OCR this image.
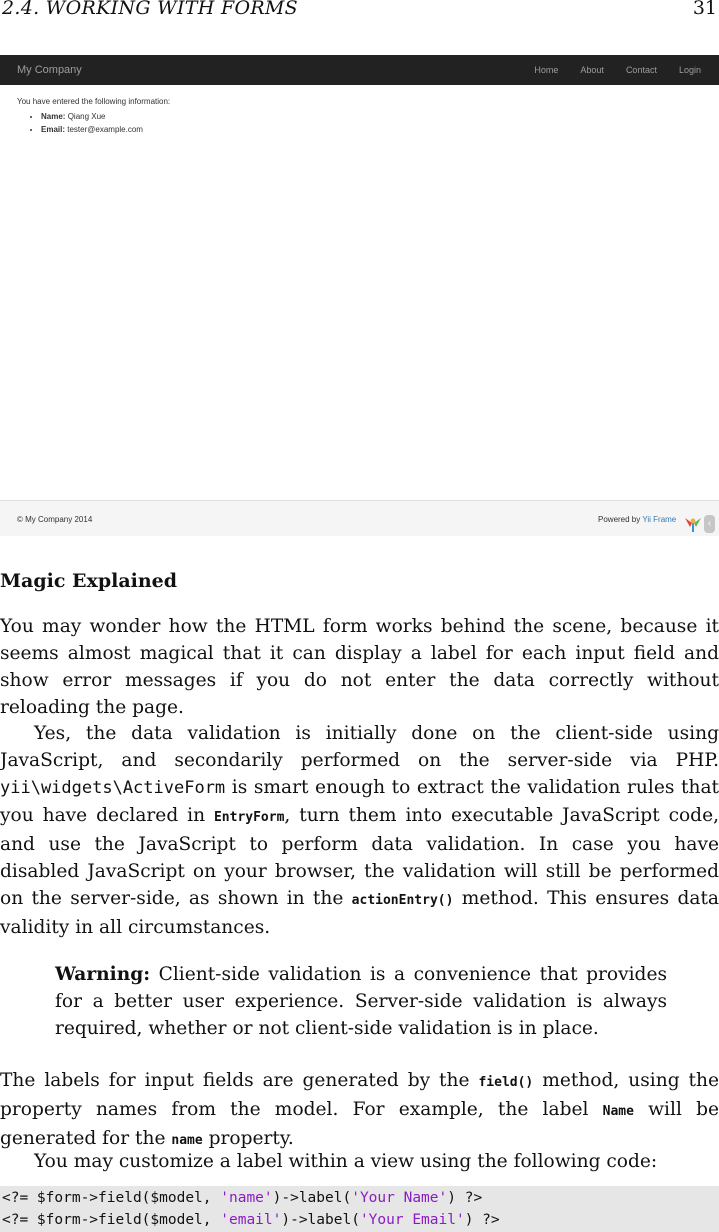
2.4. WORKING WITH FORMS	31
My Company	Home About Contact Login
You have entered the following information:
• Name: Qiang Xue
• Email: tester@example.com
© My Company 2014	Powered by Yii Frame	‹
Magic Explained
You may wonder how the HTML form works behind the scene, because it seems almost magical that it can display a label for each input field and show error messages if you do not enter the data correctly without reloading the page.
Yes, the data validation is initially done on the client-side using JavaScript, and secondarily performed on the server-side via PHP. yii\widgets\ActiveForm is smart enough to extract the validation rules that you have declared in EntryForm, turn them into executable JavaScript code, and use the JavaScript to perform data validation. In case you have disabled JavaScript on your browser, the validation will still be performed on the server-side, as shown in the actionEntry() method. This ensures data validity in all circumstances.
Warning: Client-side validation is a convenience that provides for a better user experience. Server-side validation is always required, whether or not client-side validation is in place.
The labels for input fields are generated by the field() method, using the property names from the model. For example, the label Name will be generated for the name property.
You may customize a label within a view using the following code:
<?= $form->field($model, 'name')->label('Your Name') ?>
<?= $form->field($model, 'email')->label('Your Email') ?>
